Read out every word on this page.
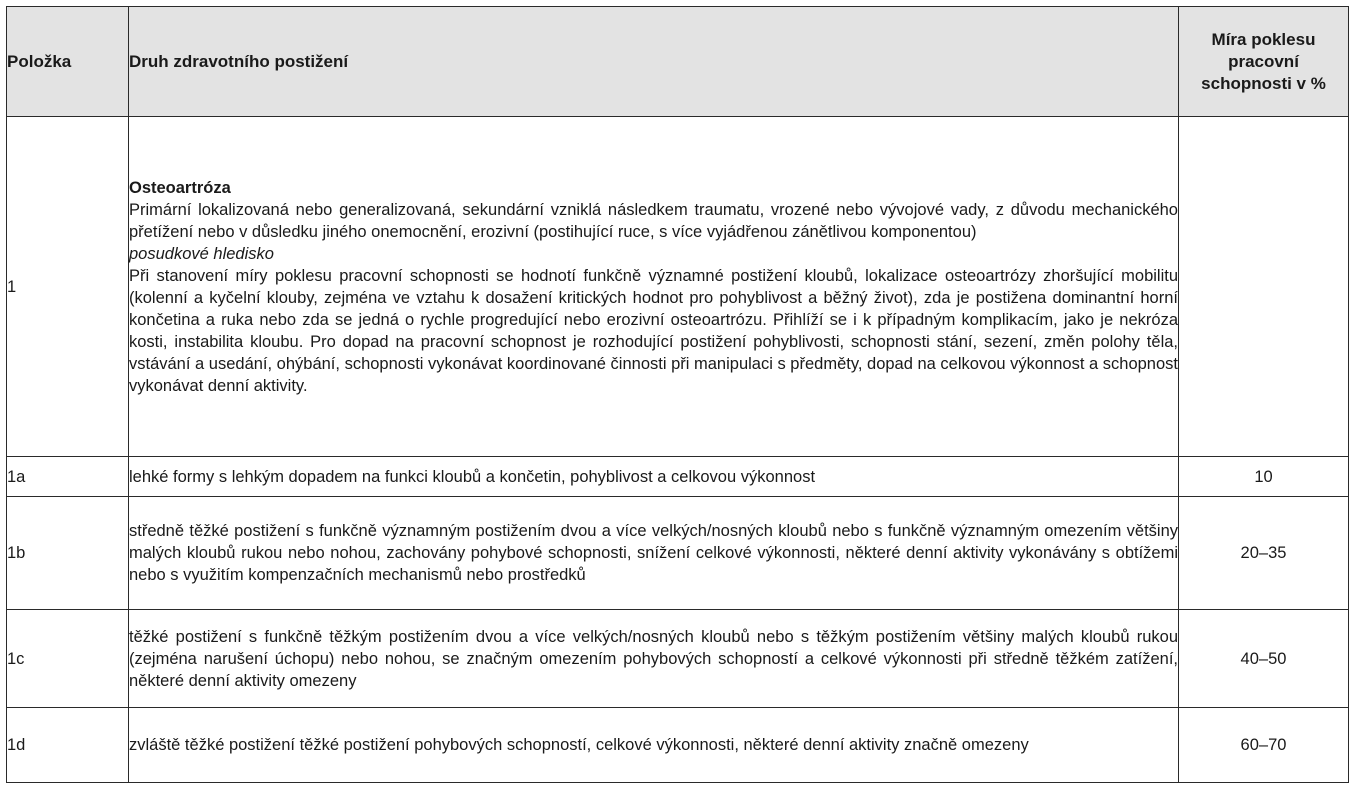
Položka	Druh zdravotního postižení	Míra poklesu pracovní schopnosti v %
1	Osteoartróza
Primární lokalizovaná nebo generalizovaná, sekundární vzniklá následkem traumatu, vrozené nebo vývojové vady, z důvodu mechanického přetížení nebo v důsledku jiného onemocnění, erozivní (postihující ruce, s více vyjádřenou zánětlivou komponentou)
posudkové hledisko
Při stanovení míry poklesu pracovní schopnosti se hodnotí funkčně významné postižení kloubů, lokalizace osteoartrózy zhoršující mobilitu (kolenní a kyčelní klouby, zejména ve vztahu k dosažení kritických hodnot pro pohyblivost a běžný život), zda je postižena dominantní horní končetina a ruka nebo zda se jedná o rychle progredující nebo erozivní osteoartrózu. Přihlíží se i k případným komplikacím, jako je nekróza kosti, instabilita kloubu. Pro dopad na pracovní schopnost je rozhodující postižení pohyblivosti, schopnosti stání, sezení, změn polohy těla, vstávání a usedání, ohýbání, schopnosti vykonávat koordinované činnosti při manipulaci s předměty, dopad na celkovou výkonnost a schopnost vykonávat denní aktivity.	

1a	lehké formy s lehkým dopadem na funkci kloubů a končetin, pohyblivost a celkovou výkonnost	10
1b	středně těžké postižení s funkčně významným postižením dvou a více velkých/nosných kloubů nebo s funkčně významným omezením většiny malých kloubů rukou nebo nohou, zachovány pohybové schopnosti, snížení celkové výkonnosti, některé denní aktivity vykonávány s obtížemi nebo s využitím kompenzačních mechanismů nebo prostředků	20–35
1c	těžké postižení s funkčně těžkým postižením dvou a více velkých/nosných kloubů nebo s těžkým postižením většiny malých kloubů rukou (zejména narušení úchopu) nebo nohou, se značným omezením pohybových schopností a celkové výkonnosti při středně těžkém zatížení, některé denní aktivity omezeny	40–50
1d	zvláště těžké postižení těžké postižení pohybových schopností, celkové výkonnosti, některé denní aktivity značně omezeny	60–70
